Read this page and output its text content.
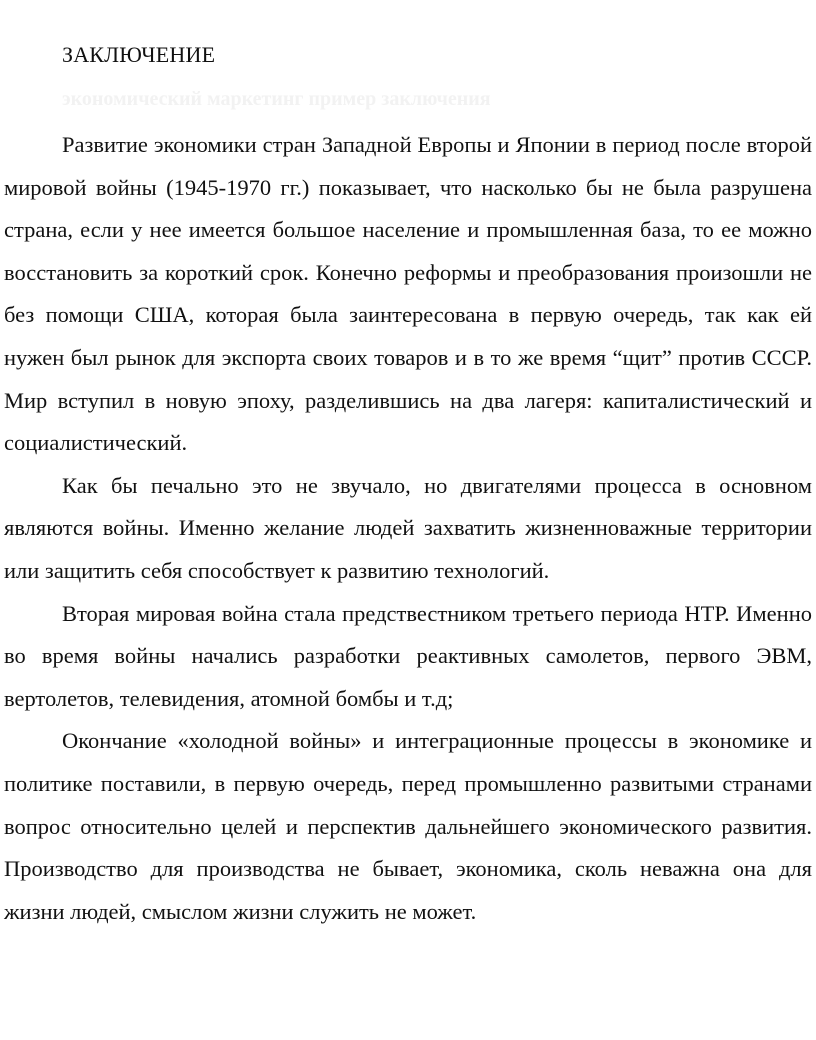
ЗАКЛЮЧЕНИЕ
экономический маркетинг пример заключения

Развитие экономики стран Западной Европы и Японии в период после второй мировой войны (1945-1970 гг.) показывает, что насколько бы не была разрушена страна, если у нее имеется большое население и промышленная база, то ее можно восстановить за короткий срок. Конечно реформы и преобразования произошли не без помощи США, которая была заинтересована в первую очередь, так как ей нужен был рынок для экспорта своих товаров и в то же время “щит” против СССР. Мир вступил в новую эпоху, разделившись на два лагеря: капиталистический и социалистический.

Как бы печально это не звучало, но двигателями процесса в основном являются войны. Именно желание людей захватить жизненноважные территории или защитить себя способствует к развитию технологий.

Вторая мировая война стала предствестником третьего периода НТР. Именно во время войны начались разработки реактивных самолетов, первого ЭВМ, вертолетов, телевидения, атомной бомбы и т.д;

Окончание «холодной войны» и интеграционные процессы в экономике и политике поставили, в первую очередь, перед промышленно развитыми странами вопрос относительно целей и перспектив дальнейшего экономического развития. Производство для производства не бывает, экономика, сколь неважна она для жизни людей, смыслом жизни служить не может.
